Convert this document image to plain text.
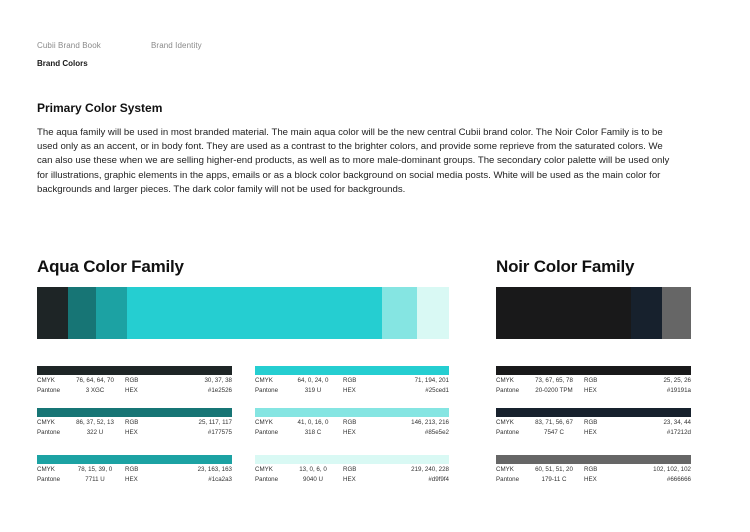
Cubii Brand Book	Brand Identity
Brand Colors
Primary Color System
The aqua family will be used in most branded material. The main aqua color will be the new central Cubii brand color. The Noir Color Family is to be used only as an accent, or in body font. They are used as a contrast to the brighter colors, and provide some reprieve from the saturated colors. We can also use these when we are selling higher-end products, as well as to more male-dominant groups. The secondary color palette will be used only for illustrations, graphic elements in the apps, emails or as a block color background on social media posts. White will be used as the main color for backgrounds and larger pieces. The dark color family will not be used for backgrounds.
Aqua Color Family	Noir Color Family
CMYK	76, 64, 64, 70	RGB	30, 37, 38
Pantone	3 XGC	HEX	#1e2526
CMYK	86, 37, 52, 13	RGB	25, 117, 117
Pantone	322 U	HEX	#177575
CMYK	78, 15, 39, 0	RGB	23, 163, 163
Pantone	7711 U	HEX	#1ca2a3
CMYK	64, 0, 24, 0	RGB	71, 194, 201
Pantone	319 U	HEX	#25ced1
CMYK	41, 0, 16, 0	RGB	146, 213, 216
Pantone	318 C	HEX	#85e5e2
CMYK	13, 0, 6, 0	RGB	219, 240, 228
Pantone	9040 U	HEX	#d9f9f4
CMYK	73, 67, 65, 78	RGB	25, 25, 26
Pantone	20-0200 TPM	HEX	#19191a
CMYK	83, 71, 56, 67	RGB	23, 34, 44
Pantone	7547 C	HEX	#17212d
CMYK	60, 51, 51, 20	RGB	102, 102, 102
Pantone	179-11 C	HEX	#666666
